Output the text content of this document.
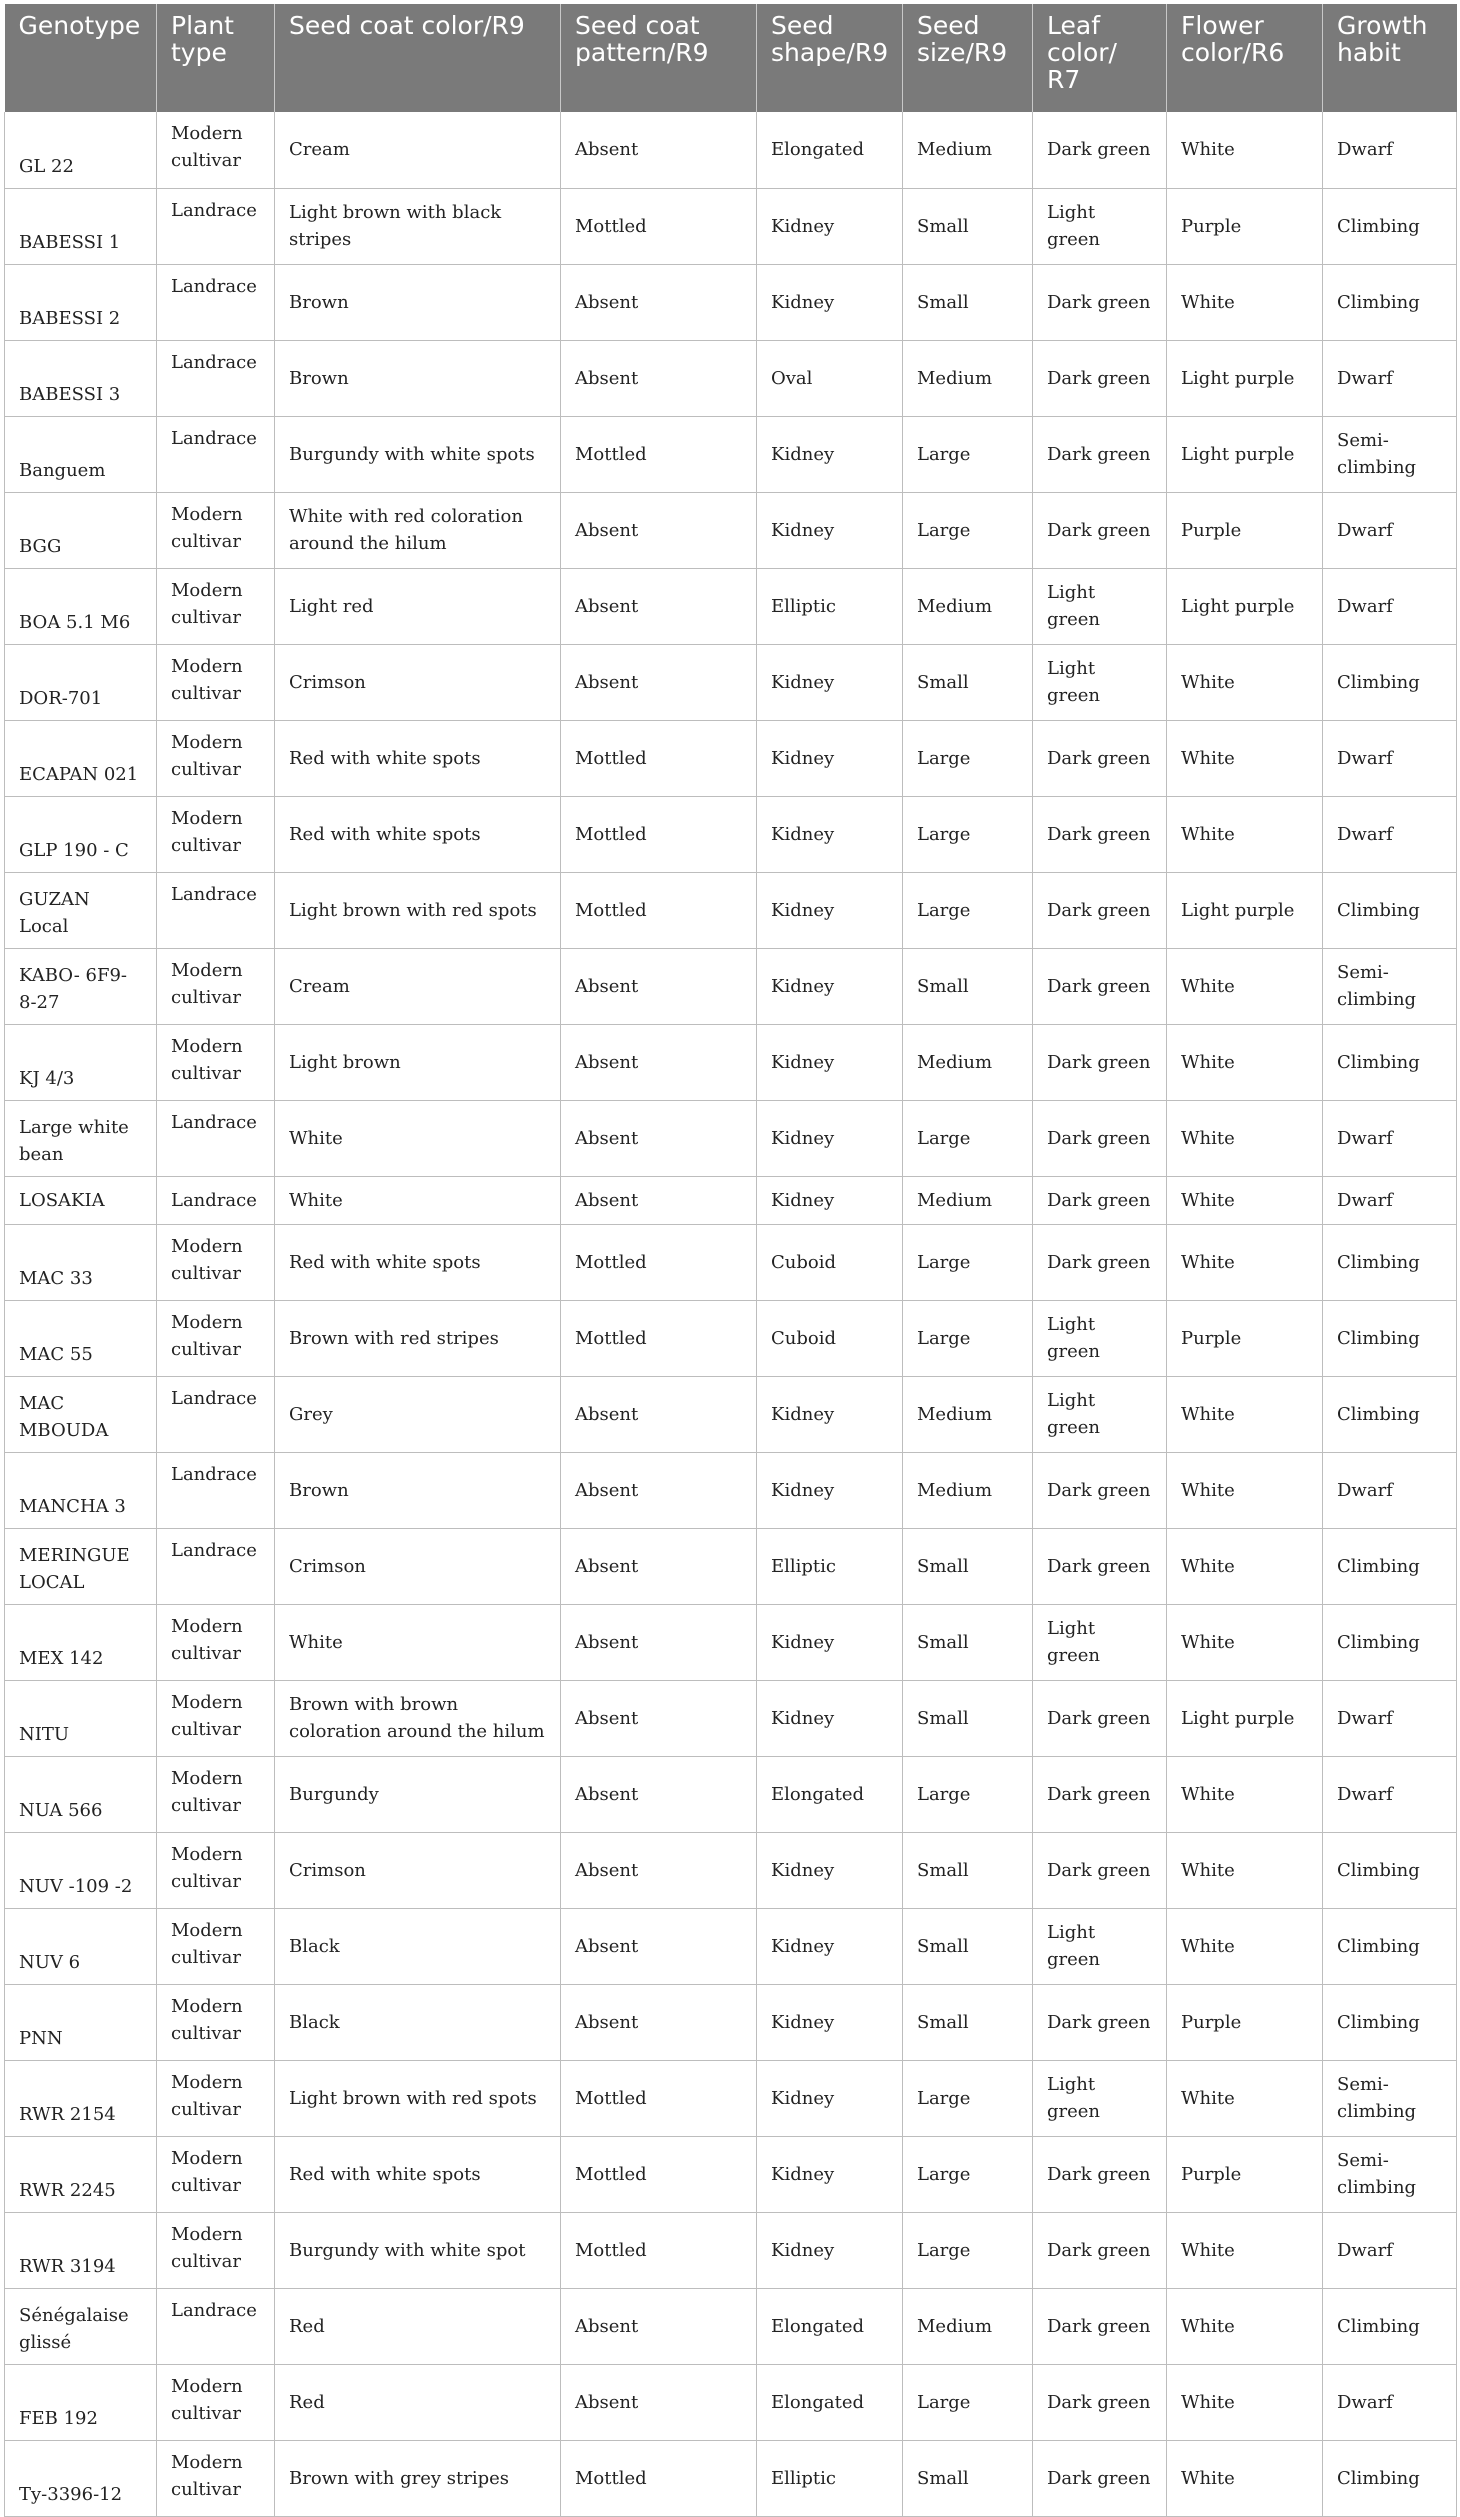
Genotype	Plant type	Seed coat color/R9	Seed coat pattern/R9	Seed shape/R9	Seed size/R9	Leaf color/ R7	Flower color/R6	Growth habit
GL 22	Modern cultivar	Cream	Absent	Elongated	Medium	Dark green	White	Dwarf
BABESSI 1	Landrace	Light brown with black stripes	Mottled	Kidney	Small	Light green	Purple	Climbing
BABESSI 2	Landrace	Brown	Absent	Kidney	Small	Dark green	White	Climbing
BABESSI 3	Landrace	Brown	Absent	Oval	Medium	Dark green	Light purple	Dwarf
Banguem	Landrace	Burgundy with white spots	Mottled	Kidney	Large	Dark green	Light purple	Semi-climbing
BGG	Modern cultivar	White with red coloration around the hilum	Absent	Kidney	Large	Dark green	Purple	Dwarf
BOA 5.1 M6	Modern cultivar	Light red	Absent	Elliptic	Medium	Light green	Light purple	Dwarf
DOR-701	Modern cultivar	Crimson	Absent	Kidney	Small	Light green	White	Climbing
ECAPAN 021	Modern cultivar	Red with white spots	Mottled	Kidney	Large	Dark green	White	Dwarf
GLP 190 - C	Modern cultivar	Red with white spots	Mottled	Kidney	Large	Dark green	White	Dwarf
GUZAN Local	Landrace	Light brown with red spots	Mottled	Kidney	Large	Dark green	Light purple	Climbing
KABO- 6F9-8-27	Modern cultivar	Cream	Absent	Kidney	Small	Dark green	White	Semi-climbing
KJ 4/3	Modern cultivar	Light brown	Absent	Kidney	Medium	Dark green	White	Climbing
Large white bean	Landrace	White	Absent	Kidney	Large	Dark green	White	Dwarf
LOSAKIA	Landrace	White	Absent	Kidney	Medium	Dark green	White	Dwarf
MAC 33	Modern cultivar	Red with white spots	Mottled	Cuboid	Large	Dark green	White	Climbing
MAC 55	Modern cultivar	Brown with red stripes	Mottled	Cuboid	Large	Light green	Purple	Climbing
MAC MBOUDA	Landrace	Grey	Absent	Kidney	Medium	Light green	White	Climbing
MANCHA 3	Landrace	Brown	Absent	Kidney	Medium	Dark green	White	Dwarf
MERINGUE LOCAL	Landrace	Crimson	Absent	Elliptic	Small	Dark green	White	Climbing
MEX 142	Modern cultivar	White	Absent	Kidney	Small	Light green	White	Climbing
NITU	Modern cultivar	Brown with brown coloration around the hilum	Absent	Kidney	Small	Dark green	Light purple	Dwarf
NUA 566	Modern cultivar	Burgundy	Absent	Elongated	Large	Dark green	White	Dwarf
NUV -109 -2	Modern cultivar	Crimson	Absent	Kidney	Small	Dark green	White	Climbing
NUV 6	Modern cultivar	Black	Absent	Kidney	Small	Light green	White	Climbing
PNN	Modern cultivar	Black	Absent	Kidney	Small	Dark green	Purple	Climbing
RWR 2154	Modern cultivar	Light brown with red spots	Mottled	Kidney	Large	Light green	White	Semi-climbing
RWR 2245	Modern cultivar	Red with white spots	Mottled	Kidney	Large	Dark green	Purple	Semi-climbing
RWR 3194	Modern cultivar	Burgundy with white spot	Mottled	Kidney	Large	Dark green	White	Dwarf
Sénégalaise glissé	Landrace	Red	Absent	Elongated	Medium	Dark green	White	Climbing
FEB 192	Modern cultivar	Red	Absent	Elongated	Large	Dark green	White	Dwarf
Ty-3396-12	Modern cultivar	Brown with grey stripes	Mottled	Elliptic	Small	Dark green	White	Climbing
